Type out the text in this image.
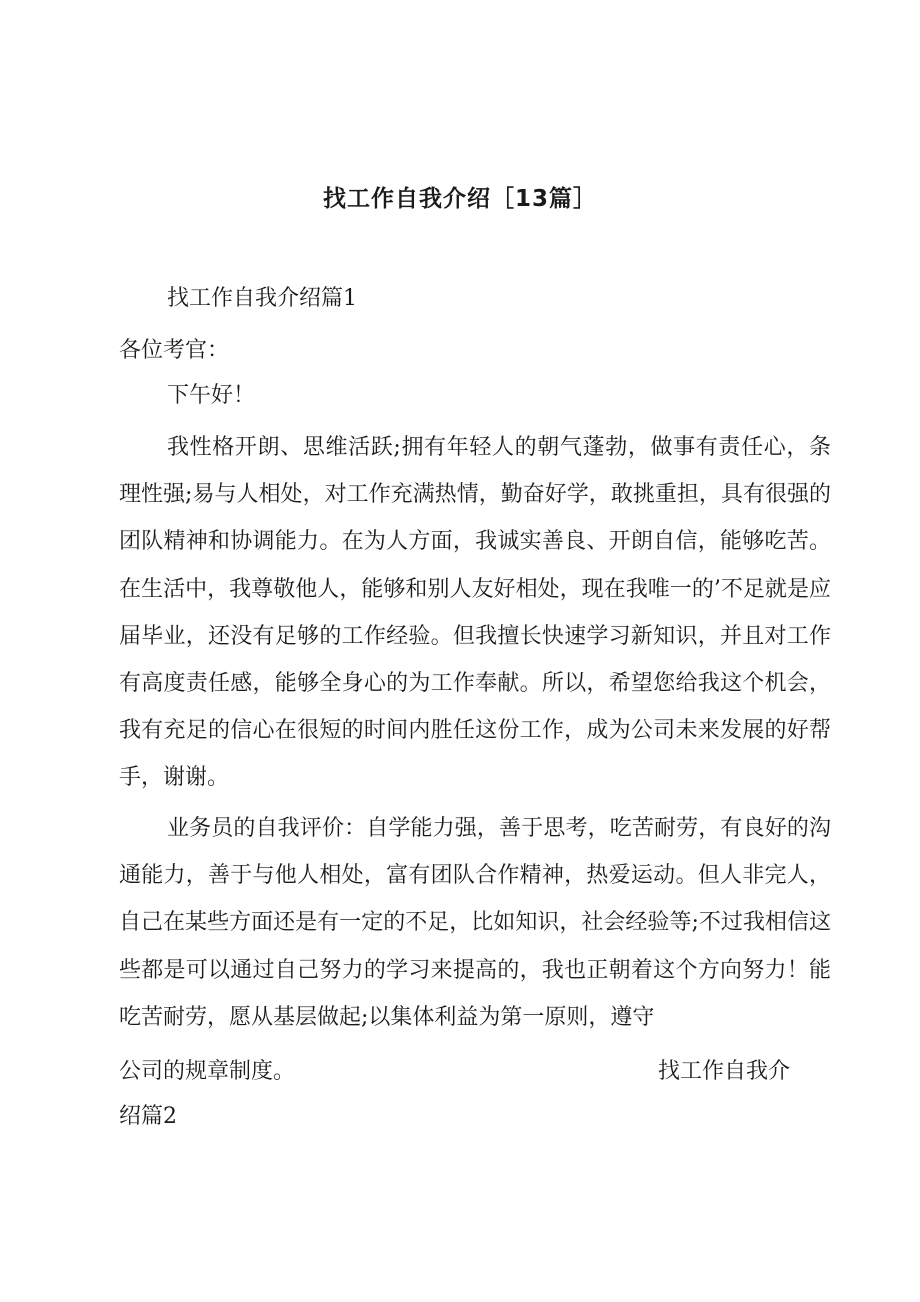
找工作自我介绍［13篇］
找工作自我介绍篇1
各位考官：
下午好！

我性格开朗、思维活跃;拥有年轻人的朝气蓬勃，做事有责任心，条理性强;易与人相处，对工作充满热情，勤奋好学，敢挑重担，具有很强的团队精神和协调能力。在为人方面，我诚实善良、开朗自信，能够吃苦。在生活中，我尊敬他人，能够和别人友好相处，现在我唯一的’不足就是应届毕业，还没有足够的工作经验。但我擅长快速学习新知识，并且对工作有高度责任感，能够全身心的为工作奉献。所以，希望您给我这个机会，我有充足的信心在很短的时间内胜任这份工作，成为公司未来发展的好帮手，谢谢。

业务员的自我评价：自学能力强，善于思考，吃苦耐劳，有良好的沟通能力，善于与他人相处，富有团队合作精神，热爱运动。但人非完人，自己在某些方面还是有一定的不足，比如知识，社会经验等;不过我相信这些都是可以通过自己努力的学习来提高的，我也正朝着这个方向努力！能吃苦耐劳，愿从基层做起;以集体利益为第一原则，遵守

公司的规章制度。	找工作自我介
绍篇2
